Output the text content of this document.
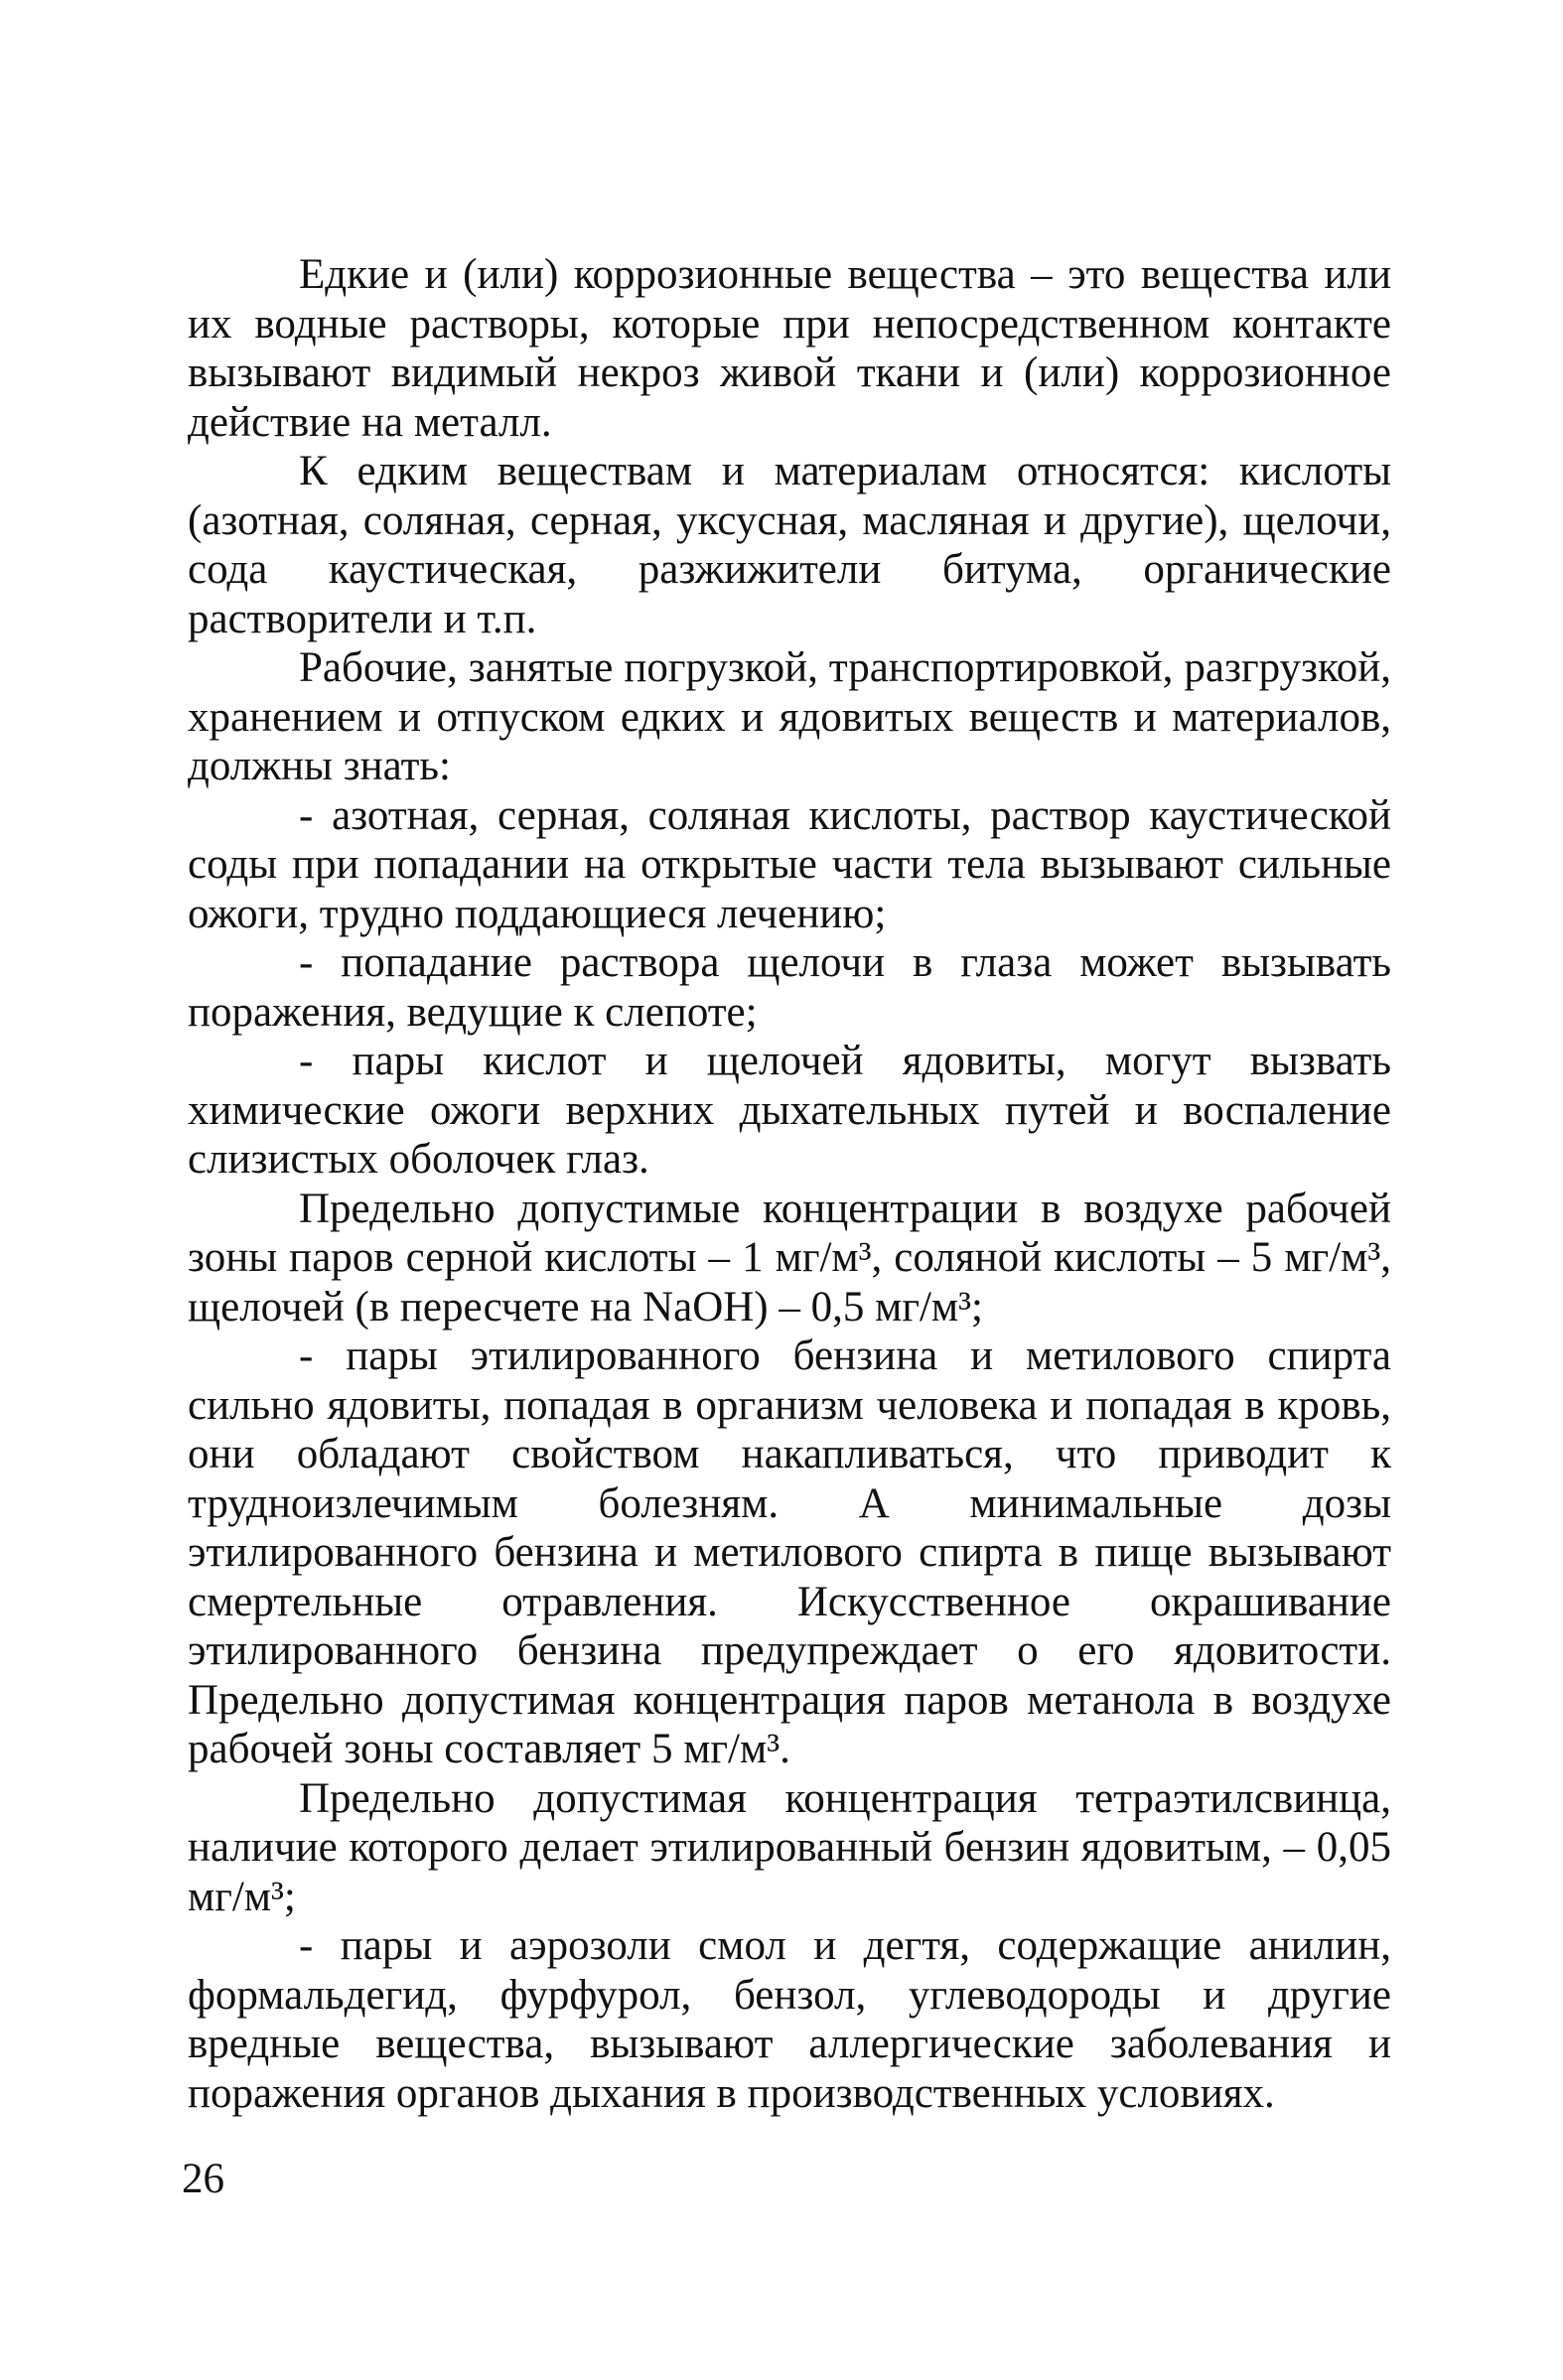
Едкие и (или) коррозионные вещества – это вещества или их водные растворы, которые при непосредственном контакте вызывают видимый некроз живой ткани и (или) коррозионное действие на металл.

К едким веществам и материалам относятся: кислоты (азотная, соляная, серная, уксусная, масляная и другие), щелочи, сода каустическая, разжижители битума, органические растворители и т.п.

Рабочие, занятые погрузкой, транспортировкой, разгрузкой, хранением и отпуском едких и ядовитых веществ и материалов, должны знать:

- азотная, серная, соляная кислоты, раствор каустической соды при попадании на открытые части тела вызывают сильные ожоги, трудно поддающиеся лечению;

- попадание раствора щелочи в глаза может вызывать поражения, ведущие к слепоте;

- пары кислот и щелочей ядовиты, могут вызвать химические ожоги верхних дыхательных путей и воспаление слизистых оболочек глаз.

Предельно допустимые концентрации в воздухе рабочей зоны паров серной кислоты – 1 мг/м³, соляной кислоты – 5 мг/м³, щелочей (в пересчете на NaOH) – 0,5 мг/м³;

- пары этилированного бензина и метилового спирта сильно ядовиты, попадая в организм человека и попадая в кровь, они обладают свойством накапливаться, что приводит к трудноизлечимым болезням. А минимальные дозы этилированного бензина и метилового спирта в пище вызывают смертельные отравления. Искусственное окрашивание этилированного бензина предупреждает о его ядовитости. Предельно допустимая концентрация паров метанола в воздухе рабочей зоны составляет 5 мг/м³.

Предельно допустимая концентрация тетраэтилсвинца, наличие которого делает этилированный бензин ядовитым, – 0,05 мг/м³;

- пары и аэрозоли смол и дегтя, содержащие анилин, формальдегид, фурфурол, бензол, углеводороды и другие вредные вещества, вызывают аллергические заболевания и поражения органов дыхания в производственных условиях.

26
